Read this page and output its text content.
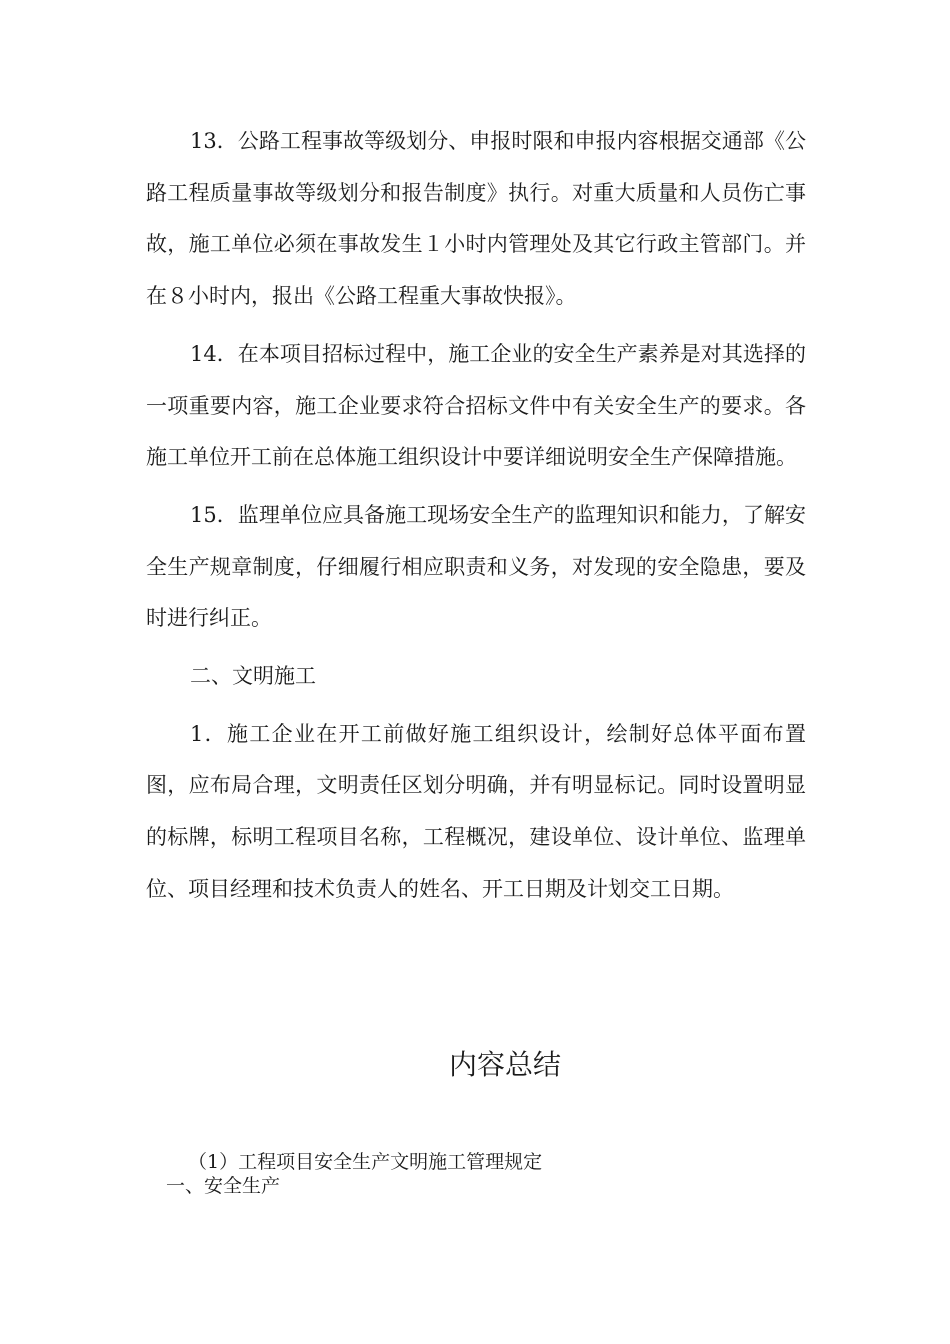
13．公路工程事故等级划分、申报时限和申报内容根据交通部《公路工程质量事故等级划分和报告制度》执行。对重大质量和人员伤亡事故，施工单位必须在事故发生１小时内管理处及其它行政主管部门。并在８小时内，报出《公路工程重大事故快报》。

14．在本项目招标过程中，施工企业的安全生产素养是对其选择的一项重要内容，施工企业要求符合招标文件中有关安全生产的要求。各施工单位开工前在总体施工组织设计中要详细说明安全生产保障措施。

15．监理单位应具备施工现场安全生产的监理知识和能力，了解安全生产规章制度，仔细履行相应职责和义务，对发现的安全隐患，要及时进行纠正。

二、文明施工

1．施工企业在开工前做好施工组织设计，绘制好总体平面布置图，应布局合理，文明责任区划分明确，并有明显标记。同时设置明显的标牌，标明工程项目名称，工程概况，建设单位、设计单位、监理单位、项目经理和技术负责人的姓名、开工日期及计划交工日期。

内容总结

（1）工程项目安全生产文明施工管理规定

一、安全生产
